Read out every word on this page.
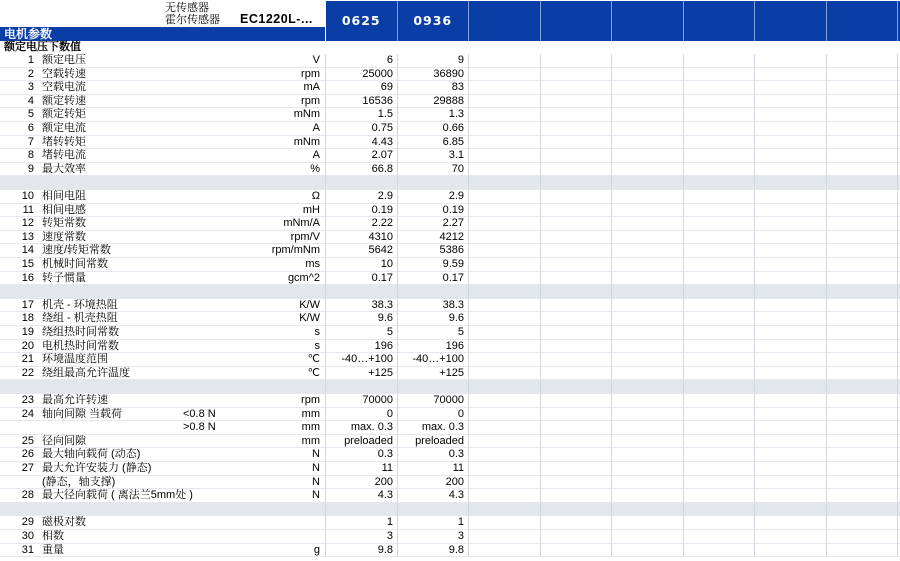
无传感器
霍尔传感器 EC1220L-...
电机参数
额定电压下数值
0625	0936
1 额定电压	V	6	9
2 空载转速	rpm	25000	36890
3 空载电流	mA	69	83
4 额定转速	rpm	16536	29888
5 额定转矩	mNm	1.5	1.3
6 额定电流	A	0.75	0.66
7 堵转转矩	mNm	4.43	6.85
8 堵转电流	A	2.07	3.1
9 最大效率	%	66.8	70
10 相间电阻	Ω	2.9	2.9
11 相间电感	mH	0.19	0.19
12 转矩常数	mNm/A	2.22	2.27
13 速度常数	rpm/V	4310	4212
14 速度/转矩常数	rpm/mNm	5642	5386
15 机械时间常数	ms	10	9.59
16 转子惯量	gcm^2	0.17	0.17
17 机壳 - 环境热阻	K/W	38.3	38.3
18 绕组 - 机壳热阻	K/W	9.6	9.6
19 绕组热时间常数	s	5	5
20 电机热时间常数	s	196	196
21 环境温度范围	℃	-40…+100	-40…+100
22 绕组最高允许温度	℃	+125	+125
23 最高允许转速	rpm	70000	70000
24 轴向间隙 当载荷	<0.8 N	mm	0	0
>0.8 N	mm	max. 0.3	max. 0.3
25 径向间隙	mm	preloaded	preloaded
26 最大轴向载荷 (动态)	N	0.3	0.3
27 最大允许安装力 (静态)	N	11	11
(静态，轴支撑)	N	200	200
28 最大径向载荷 ( 离法兰5mm处 )	N	4.3	4.3
29 磁极对数	1	1
30 相数	3	3
31 重量	g	9.8	9.8
